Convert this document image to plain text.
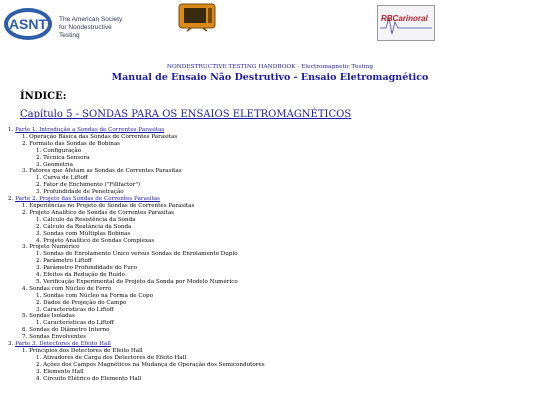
ASNT The American Society
for Nondestructive Testing
RBCarinoral
NONDESTRUCTIVE TESTING HANDBOOK - Electromagnetic Testing
Manual de Ensaio Não Destrutivo - Ensaio Eletromagnético
ÍNDICE:
Capítulo 5 - SONDAS PARA OS ENSAIOS ELETROMAGNÉTICOS
1. Parte 1. Introdução a Sondas de Correntes Parasitas
1. Operação Básica das Sondas de Correntes Parasitas
2. Formato das Sondas de Bobinas
1. Configuração
2. Técnica Sensora
3. Geometria
3. Fatores que Afetam as Sondas de Correntes Parasitas
1. Curva de Liftoff
2. Fator de Enchimento ("Fillfactor")
3. Profundidade de Penetração
2. Parte 2. Projeto das Sondas de Correntes Parasitas
1. Experiências no Projeto de Sondas de Correntes Parasitas
2. Projeto Analítico de Sondas de Correntes Parasitas
1. Cálculo da Resistência da Sonda
2. Cálculo da Reatância da Sonda
3. Sondas com Múltiplas Bobinas
4. Projeto Analítico de Sondas Complexas
3. Projeto Numérico
1. Sondas de Enrolamento Único versus Sondas de Enrolamento Duplo
2. Parâmetro Liftoff
3. Parâmetro Profundidade do Furo
4. Efeitos da Redução de Ruído
5. Verificação Experimental do Projeto da Sonda por Modelo Numérico
4. Sondas com Núcleo de Ferro
1. Sondas com Núcleo na Forma de Copo
2. Dados de Projeção do Campo
3. Características do Liftoff
5. Sondas Isoladas
1. Características do Liftoff
6. Sondas do Diâmetro Interno
7. Sondas Envolventes
3. Parte 3. Detectores de Efeito Hall
1. Princípios dos Detectores de Efeito Hall
1. Ativadores de Carga dos Detectores de Efeito Hall
2. Ações dos Campos Magnéticos na Mudança de Operação dos Semicondutores
3. Elemento Hall
4. Circuito Elétrico do Elemento Hall
